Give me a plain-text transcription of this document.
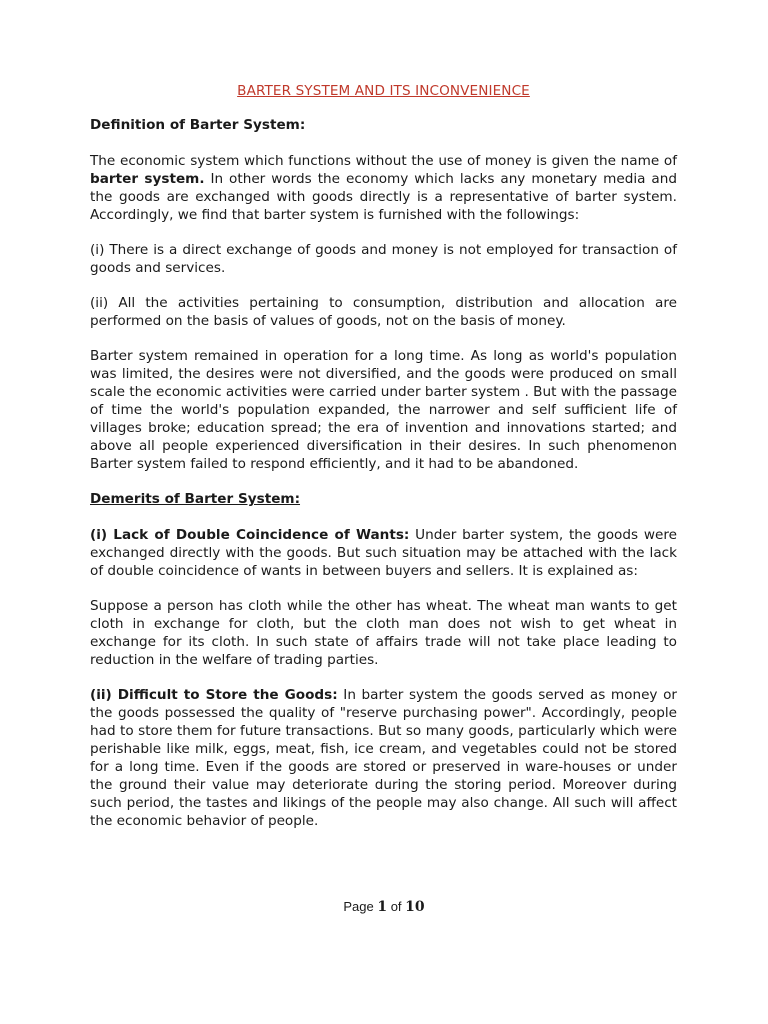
BARTER SYSTEM AND ITS INCONVENIENCE
Definition of Barter System:

The economic system which functions without the use of money is given the name of barter system. In other words the economy which lacks any monetary media and the goods are exchanged with goods directly is a representative of barter system. Accordingly, we find that barter system is furnished with the followings:

(i) There is a direct exchange of goods and money is not employed for transaction of goods and services.

(ii) All the activities pertaining to consumption, distribution and allocation are performed on the basis of values of goods, not on the basis of money.

Barter system remained in operation for a long time. As long as world's population was limited, the desires were not diversified, and the goods were produced on small scale the economic activities were carried under barter system . But with the passage of time the world's population expanded, the narrower and self sufficient life of villages broke; education spread; the era of invention and innovations started; and above all people experienced diversification in their desires. In such phenomenon Barter system failed to respond efficiently, and it had to be abandoned.

Demerits of Barter System:

(i) Lack of Double Coincidence of Wants: Under barter system, the goods were exchanged directly with the goods. But such situation may be attached with the lack of double coincidence of wants in between buyers and sellers. It is explained as:

Suppose a person has cloth while the other has wheat. The wheat man wants to get cloth in exchange for cloth, but the cloth man does not wish to get wheat in exchange for its cloth. In such state of affairs trade will not take place leading to reduction in the welfare of trading parties.

(ii) Difficult to Store the Goods: In barter system the goods served as money or the goods possessed the quality of "reserve purchasing power". Accordingly, people had to store them for future transactions. But so many goods, particularly which were perishable like milk, eggs, meat, fish, ice cream, and vegetables could not be stored for a long time. Even if the goods are stored or preserved in ware-houses or under the ground their value may deteriorate during the storing period. Moreover during such period, the tastes and likings of the people may also change. All such will affect the economic behavior of people.

Page 1 of 10
